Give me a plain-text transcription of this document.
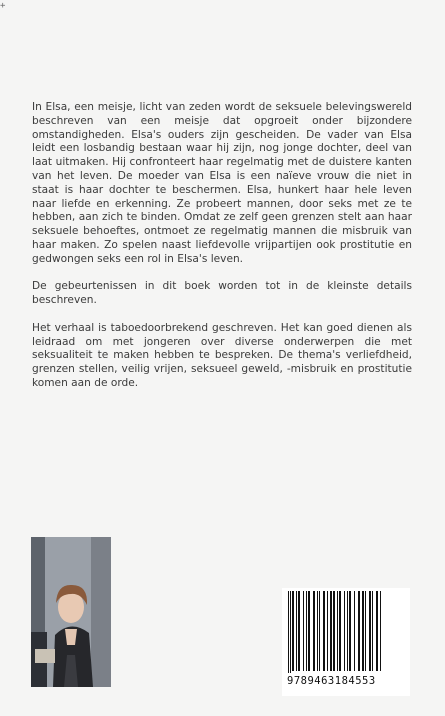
+

In Elsa, een meisje, licht van zeden wordt de seksuele belevingswereld beschreven van een meisje dat opgroeit onder bijzondere omstandigheden. Elsa's ouders zijn gescheiden. De vader van Elsa leidt een losbandig bestaan waar hij zijn, nog jonge dochter, deel van laat uitmaken. Hij confronteert haar regelmatig met de duistere kanten van het leven. De moeder van Elsa is een naïeve vrouw die niet in staat is haar dochter te beschermen. Elsa, hunkert haar hele leven naar liefde en erkenning. Ze probeert mannen, door seks met ze te hebben, aan zich te binden. Omdat ze zelf geen grenzen stelt aan haar seksuele behoeftes, ontmoet ze regelmatig mannen die misbruik van haar maken. Zo spelen naast liefdevolle vrijpartijen ook prostitutie en gedwongen seks een rol in Elsa's leven.

De gebeurtenissen in dit boek worden tot in de kleinste details beschreven.

Het verhaal is taboedoorbrekend geschreven. Het kan goed dienen als leidraad om met jongeren over diverse onderwerpen die met seksualiteit te maken hebben te bespreken. De thema's verliefdheid, grenzen stellen, veilig vrijen, seksueel geweld, -misbruik en prostitutie komen aan de orde.

9789463184553
